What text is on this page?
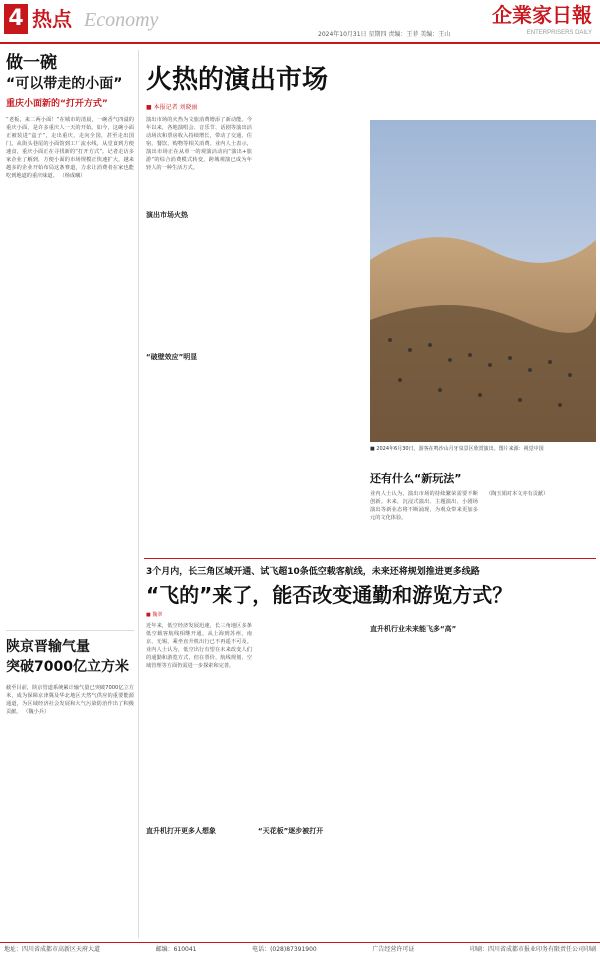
4 热点 Economy
2024年10月31日 星期四 责编：王菲 美编：王山
企業家日報
ENTERPRISERS DAILY
做一碗
“可以带走的小面”
重庆小面新的“打开方式”
“老板，来二两小面！”在城市的清晨，一碗香气四溢的重庆小面，是许多重庆人一天的开始。如今，这碗小面正被装进“盒子”，走出重庆，走向全国，甚至走出国门。从街头巷尾的小面馆到工厂流水线，从堂食到方便速食，重庆小面正在寻找新的“打开方式”。记者走访多家企业了解到，方便小面的市场规模正快速扩大，越来越多的企业开始布局这条赛道，力求让消费者在家也能吃到地道的重庆味道。 （杨成曦）
陕京晋输气量
突破7000亿立方米
截至目前，陕京管道系统累计输气量已突破7000亿立方米，成为保障京津冀及华北地区天然气供应的重要能源通道，为区域经济社会发展和大气污染防治作出了积极贡献。 （魏小兵）
火热的演出市场
■ 本报记者 刘晓丽
演出市场的火热为文旅消费增添了新动能。今年以来，各地演唱会、音乐节、话剧等演出活动场次和票房收入持续增长，带动了交通、住宿、餐饮、购物等相关消费。业内人士表示，演出市场正在从单一的观演活动向“演出+旅游”的综合消费模式转变，跨城观演已成为年轻人的一种生活方式。
演出市场火热
“破壁效应”明显
■ 2024年6月30日，游客在鸣沙山月牙泉景区欣赏演出。图片来源：视觉中国
还有什么“新玩法”
业内人士认为，演出市场的持续繁荣需要不断创新。未来，沉浸式演出、主题演出、小剧场演出等新业态将不断涌现，为观众带来更加多元的文化体验。
（陶玉娟对本文亦有贡献）
3个月内，长三角区域开通、试飞超10条低空载客航线，未来还将规划推进更多线路
“飞的”来了，能否改变通勤和游览方式？
■ 魏翠
近年来，低空经济发展迅速，长三角地区多条低空载客航线相继开通。从上海到苏州、南京、无锡，乘坐直升机出行已不再遥不可及。业内人士认为，低空出行有望在未来改变人们的通勤和游览方式，但在票价、航线规划、空域管理等方面仍需进一步探索和完善。
直升机打开更多人想象	“天花板”逐步被打开
直升机行业未来能飞多“高”
地址：四川省成都市高新区天府大道	邮编：610041	电话：(028)87391900	广告经营许可证	印刷：四川省成都市报业印务有限责任公司印刷
